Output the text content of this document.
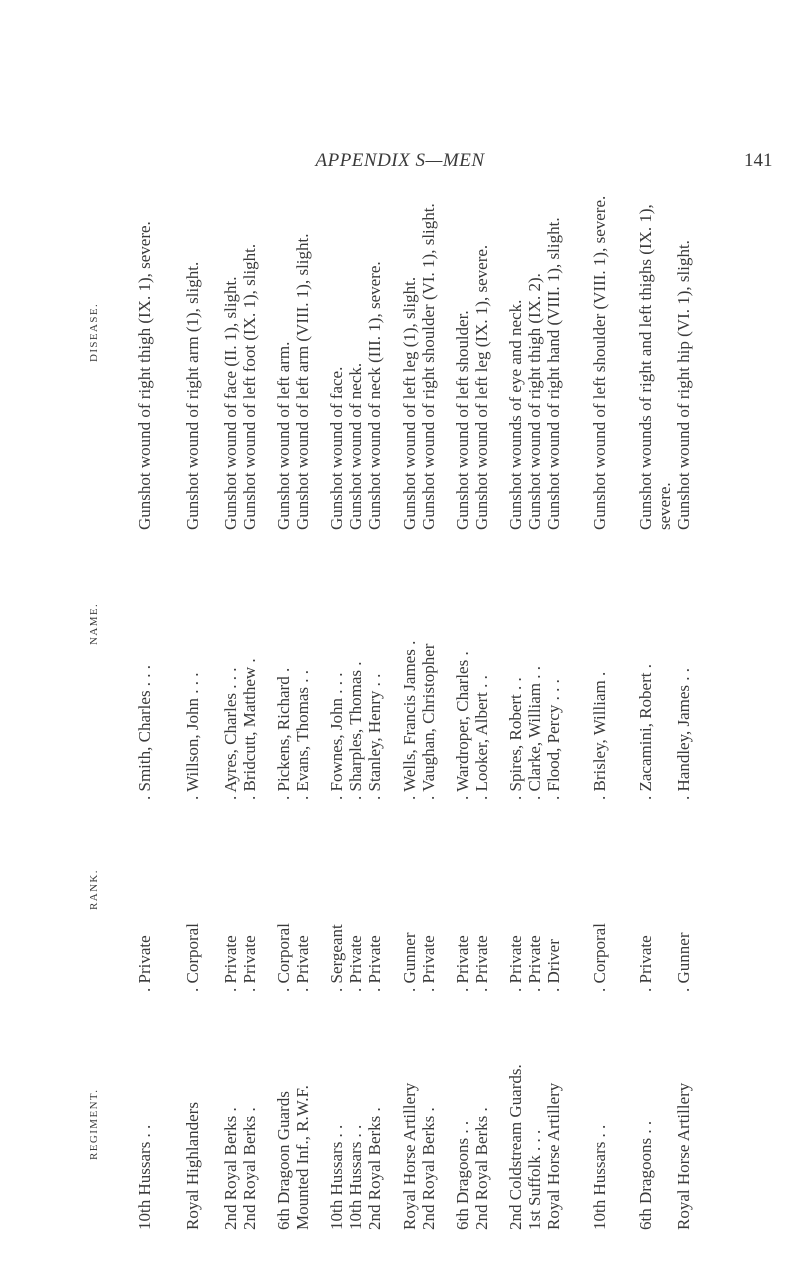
APPENDIX S—MEN	141
REGIMENT.
RANK.
NAME.
DISEASE.
10th Hussars . .
. Private
. Smith, Charles . . .
Gunshot wound of right thigh (IX. 1), severe.
Royal Highlanders
. Corporal
. Willson, John . . .
Gunshot wound of right arm (1), slight.
2nd Royal Berks .
. Private
. Ayres, Charles . . .
Gunshot wound of face (II. 1), slight.
2nd Royal Berks .
. Private
. Bridcutt, Matthew .
Gunshot wound of left foot (IX. 1), slight.
6th Dragoon Guards
. Corporal
. Pickens, Richard .
Gunshot wound of left arm.
Mounted Inf., R.W.F.
. Private
. Evans, Thomas . .
Gunshot wound of left arm (VIII. 1), slight.
10th Hussars . .
. Sergeant
. Fownes, John . . .
Gunshot wound of face.
10th Hussars . .
. Private
. Sharples, Thomas .
Gunshot wound of neck.
2nd Royal Berks .
. Private
. Stanley, Henry . .
Gunshot wound of neck (III. 1), severe.
Royal Horse Artillery
. Gunner
. Wells, Francis James .
Gunshot wound of left leg (1), slight.
2nd Royal Berks .
. Private
. Vaughan, Christopher
Gunshot wound of right shoulder (VI. 1), slight.
6th Dragoons . .
. Private
. Wardroper, Charles .
Gunshot wound of left shoulder.
2nd Royal Berks .
. Private
. Looker, Albert . .
Gunshot wound of left leg (IX. 1), severe.
2nd Coldstream Guards.
. Private
. Spires, Robert . .
Gunshot wounds of eye and neck.
1st Suffolk . . .
. Private
. Clarke, William . .
Gunshot wound of right thigh (IX. 2).
Royal Horse Artillery
. Driver
. Flood, Percy . . .
Gunshot wound of right hand (VIII. 1), slight.
10th Hussars . .
. Corporal
. Brisley, William .
Gunshot wound of left shoulder (VIII. 1), severe.
6th Dragoons . .
. Private
. Zacamini, Robert .
Gunshot wounds of right and left thighs (IX. 1), severe.
Royal Horse Artillery
. Gunner
. Handley, James . .
Gunshot wound of right hip (VI. 1), slight.
